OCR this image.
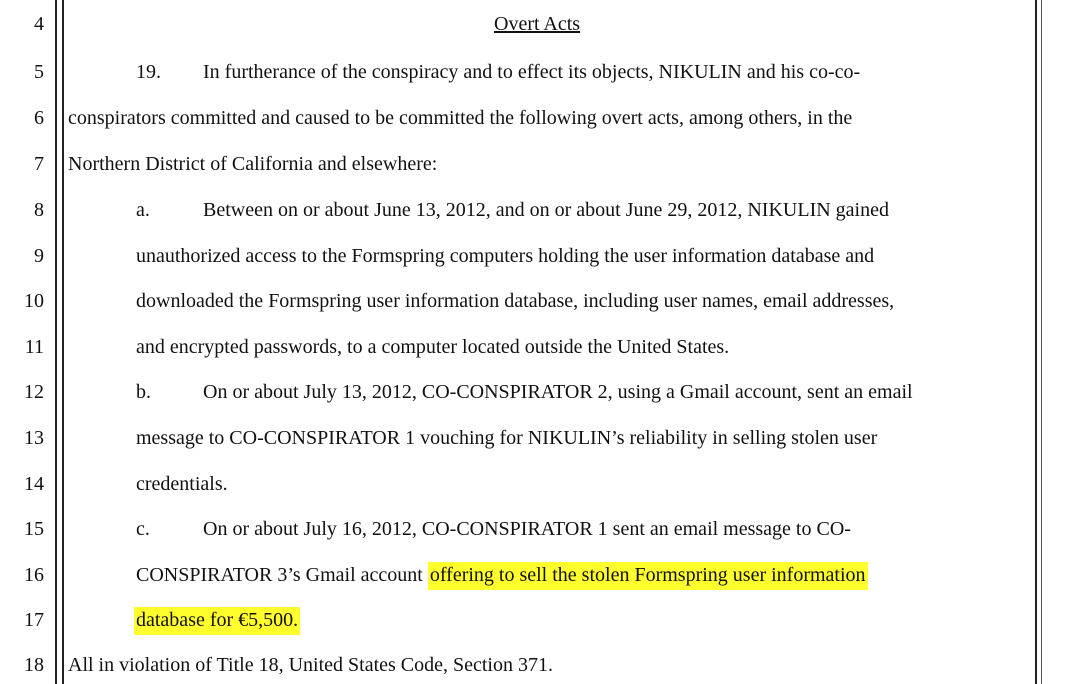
4
5
6
7
8
9
10
11
12
13
14
15
16
17
18
Overt Acts
19. In furtherance of the conspiracy and to effect its objects, NIKULIN and his co-co-
conspirators committed and caused to be committed the following overt acts, among others, in the
Northern District of California and elsewhere:
a.	Between on or about June 13, 2012, and on or about June 29, 2012, NIKULIN gained
unauthorized access to the Formspring computers holding the user information database and
downloaded the Formspring user information database, including user names, email addresses,
and encrypted passwords, to a computer located outside the United States.
b.	On or about July 13, 2012, CO-CONSPIRATOR 2, using a Gmail account, sent an email
message to CO-CONSPIRATOR 1 vouching for NIKULIN’s reliability in selling stolen user
credentials.
c.	On or about July 16, 2012, CO-CONSPIRATOR 1 sent an email message to CO-
CONSPIRATOR 3’s Gmail account offering to sell the stolen Formspring user information
database for €5,500.
All in violation of Title 18, United States Code, Section 371.
